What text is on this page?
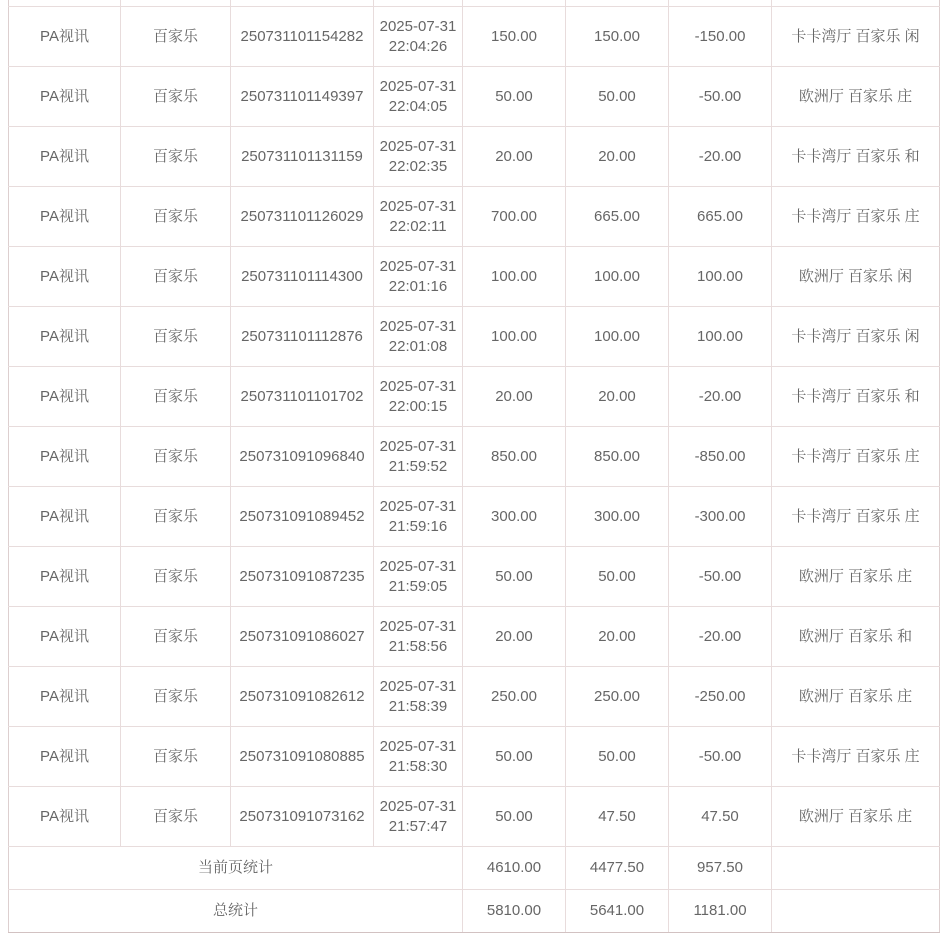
PA视讯	百家乐	250731101154282	2025-07-31 22:04:26	150.00	150.00	-150.00	卡卡湾厅 百家乐 闲
PA视讯	百家乐	250731101149397	2025-07-31 22:04:05	50.00	50.00	-50.00	欧洲厅 百家乐 庄
PA视讯	百家乐	250731101131159	2025-07-31 22:02:35	20.00	20.00	-20.00	卡卡湾厅 百家乐 和
PA视讯	百家乐	250731101126029	2025-07-31 22:02:11	700.00	665.00	665.00	卡卡湾厅 百家乐 庄
PA视讯	百家乐	250731101114300	2025-07-31 22:01:16	100.00	100.00	100.00	欧洲厅 百家乐 闲
PA视讯	百家乐	250731101112876	2025-07-31 22:01:08	100.00	100.00	100.00	卡卡湾厅 百家乐 闲
PA视讯	百家乐	250731101101702	2025-07-31 22:00:15	20.00	20.00	-20.00	卡卡湾厅 百家乐 和
PA视讯	百家乐	250731091096840	2025-07-31 21:59:52	850.00	850.00	-850.00	卡卡湾厅 百家乐 庄
PA视讯	百家乐	250731091089452	2025-07-31 21:59:16	300.00	300.00	-300.00	卡卡湾厅 百家乐 庄
PA视讯	百家乐	250731091087235	2025-07-31 21:59:05	50.00	50.00	-50.00	欧洲厅 百家乐 庄
PA视讯	百家乐	250731091086027	2025-07-31 21:58:56	20.00	20.00	-20.00	欧洲厅 百家乐 和
PA视讯	百家乐	250731091082612	2025-07-31 21:58:39	250.00	250.00	-250.00	欧洲厅 百家乐 庄
PA视讯	百家乐	250731091080885	2025-07-31 21:58:30	50.00	50.00	-50.00	卡卡湾厅 百家乐 庄
PA视讯	百家乐	250731091073162	2025-07-31 21:57:47	50.00	47.50	47.50	欧洲厅 百家乐 庄
当前页统计				4610.00	4477.50	957.50	
总统计				5810.00	5641.00	1181.00	
